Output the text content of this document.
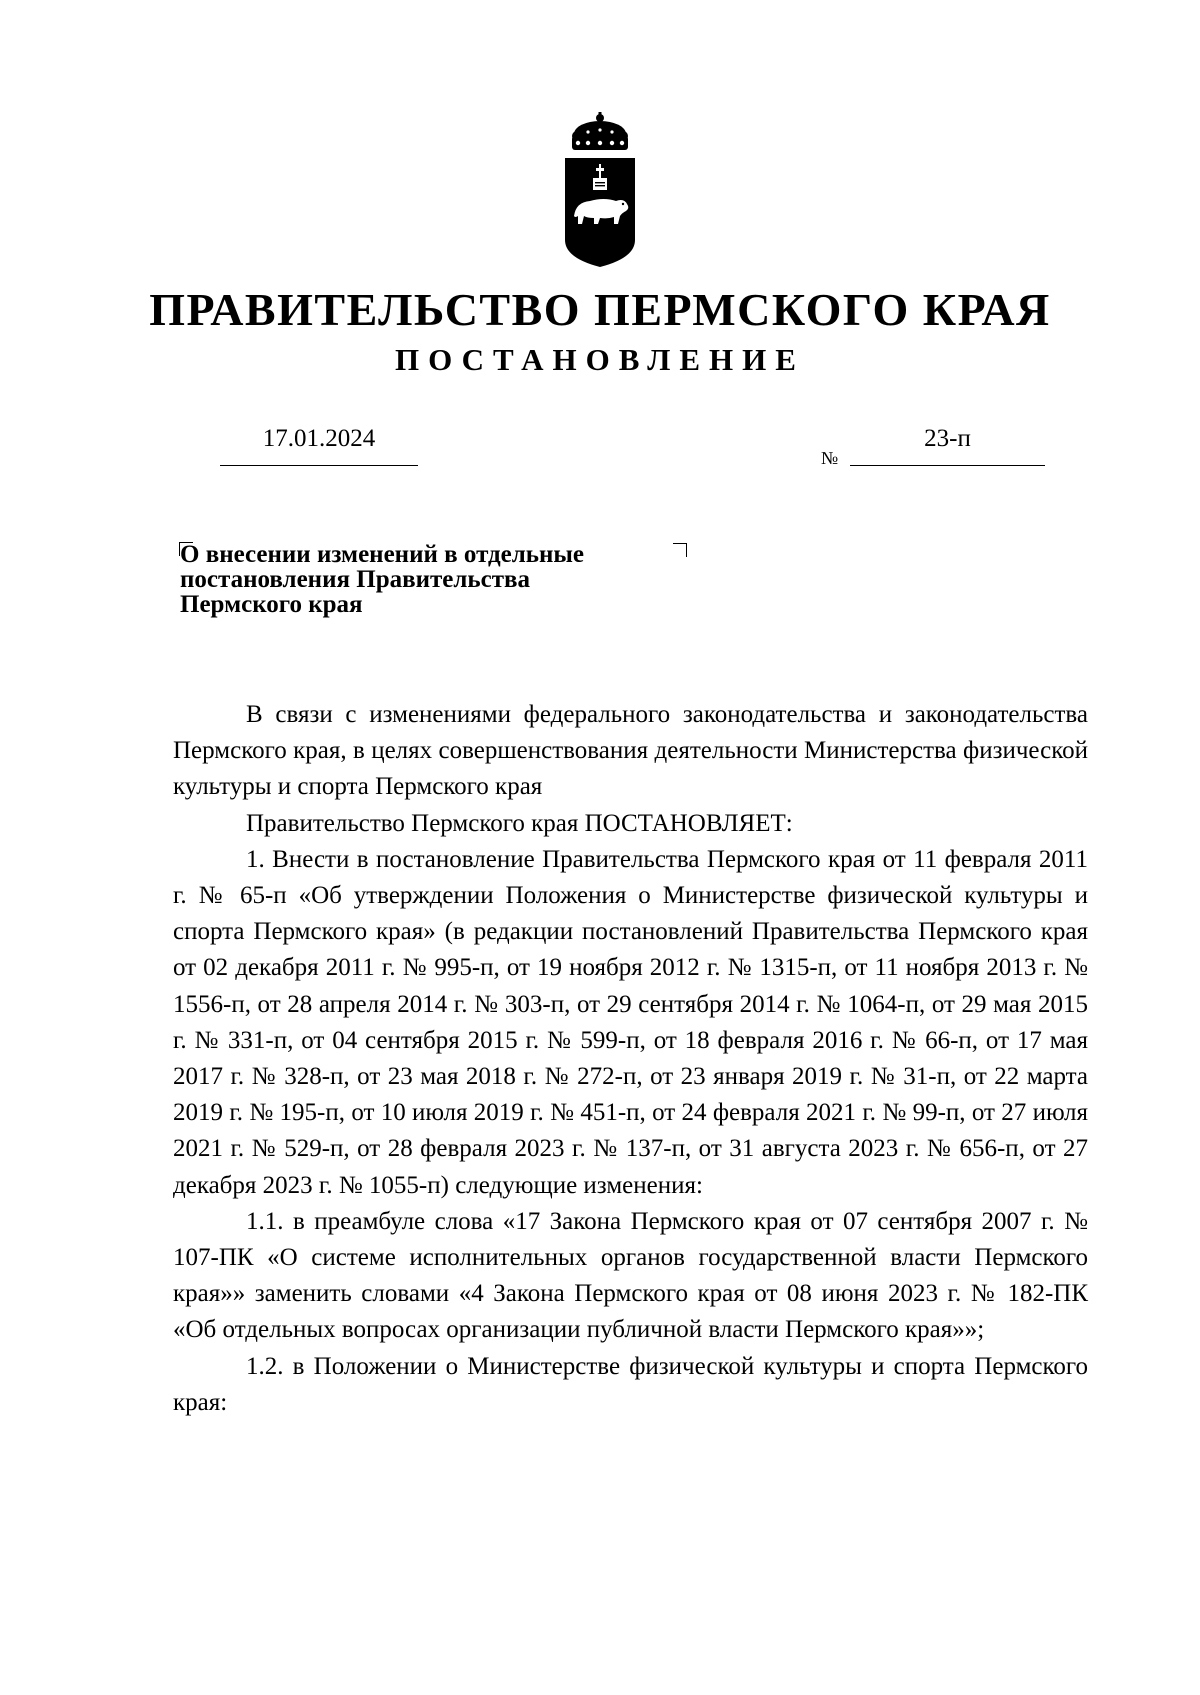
ПРАВИТЕЛЬСТВО ПЕРМСКОГО КРАЯ
ПОСТАНОВЛЕНИЕ
17.01.2024
№
23-п
О внесении изменений в отдельные
постановления Правительства
Пермского края

В связи с изменениями федерального законодательства и законодательства Пермского края, в целях совершенствования деятельности Министерства физической культуры и спорта Пермского края

Правительство Пермского края ПОСТАНОВЛЯЕТ:

1. Внести в постановление Правительства Пермского края от 11 февраля 2011 г. № 65-п «Об утверждении Положения о Министерстве физической культуры и спорта Пермского края» (в редакции постановлений Правительства Пермского края от 02 декабря 2011 г. № 995-п, от 19 ноября 2012 г. № 1315-п, от 11 ноября 2013 г. № 1556-п, от 28 апреля 2014 г. № 303-п, от 29 сентября 2014 г. № 1064-п, от 29 мая 2015 г. № 331-п, от 04 сентября 2015 г. № 599-п, от 18 февраля 2016 г. № 66-п, от 17 мая 2017 г. № 328-п, от 23 мая 2018 г. № 272-п, от 23 января 2019 г. № 31-п, от 22 марта 2019 г. № 195-п, от 10 июля 2019 г. № 451-п, от 24 февраля 2021 г. № 99-п, от 27 июля 2021 г. № 529-п, от 28 февраля 2023 г. № 137-п, от 31 августа 2023 г. № 656-п, от 27 декабря 2023 г. № 1055-п) следующие изменения:

1.1. в преамбуле слова «17 Закона Пермского края от 07 сентября 2007 г. № 107-ПК «О системе исполнительных органов государственной власти Пермского края»» заменить словами «4 Закона Пермского края от 08 июня 2023 г. № 182-ПК «Об отдельных вопросах организации публичной власти Пермского края»»;

1.2. в Положении о Министерстве физической культуры и спорта Пермского края:
